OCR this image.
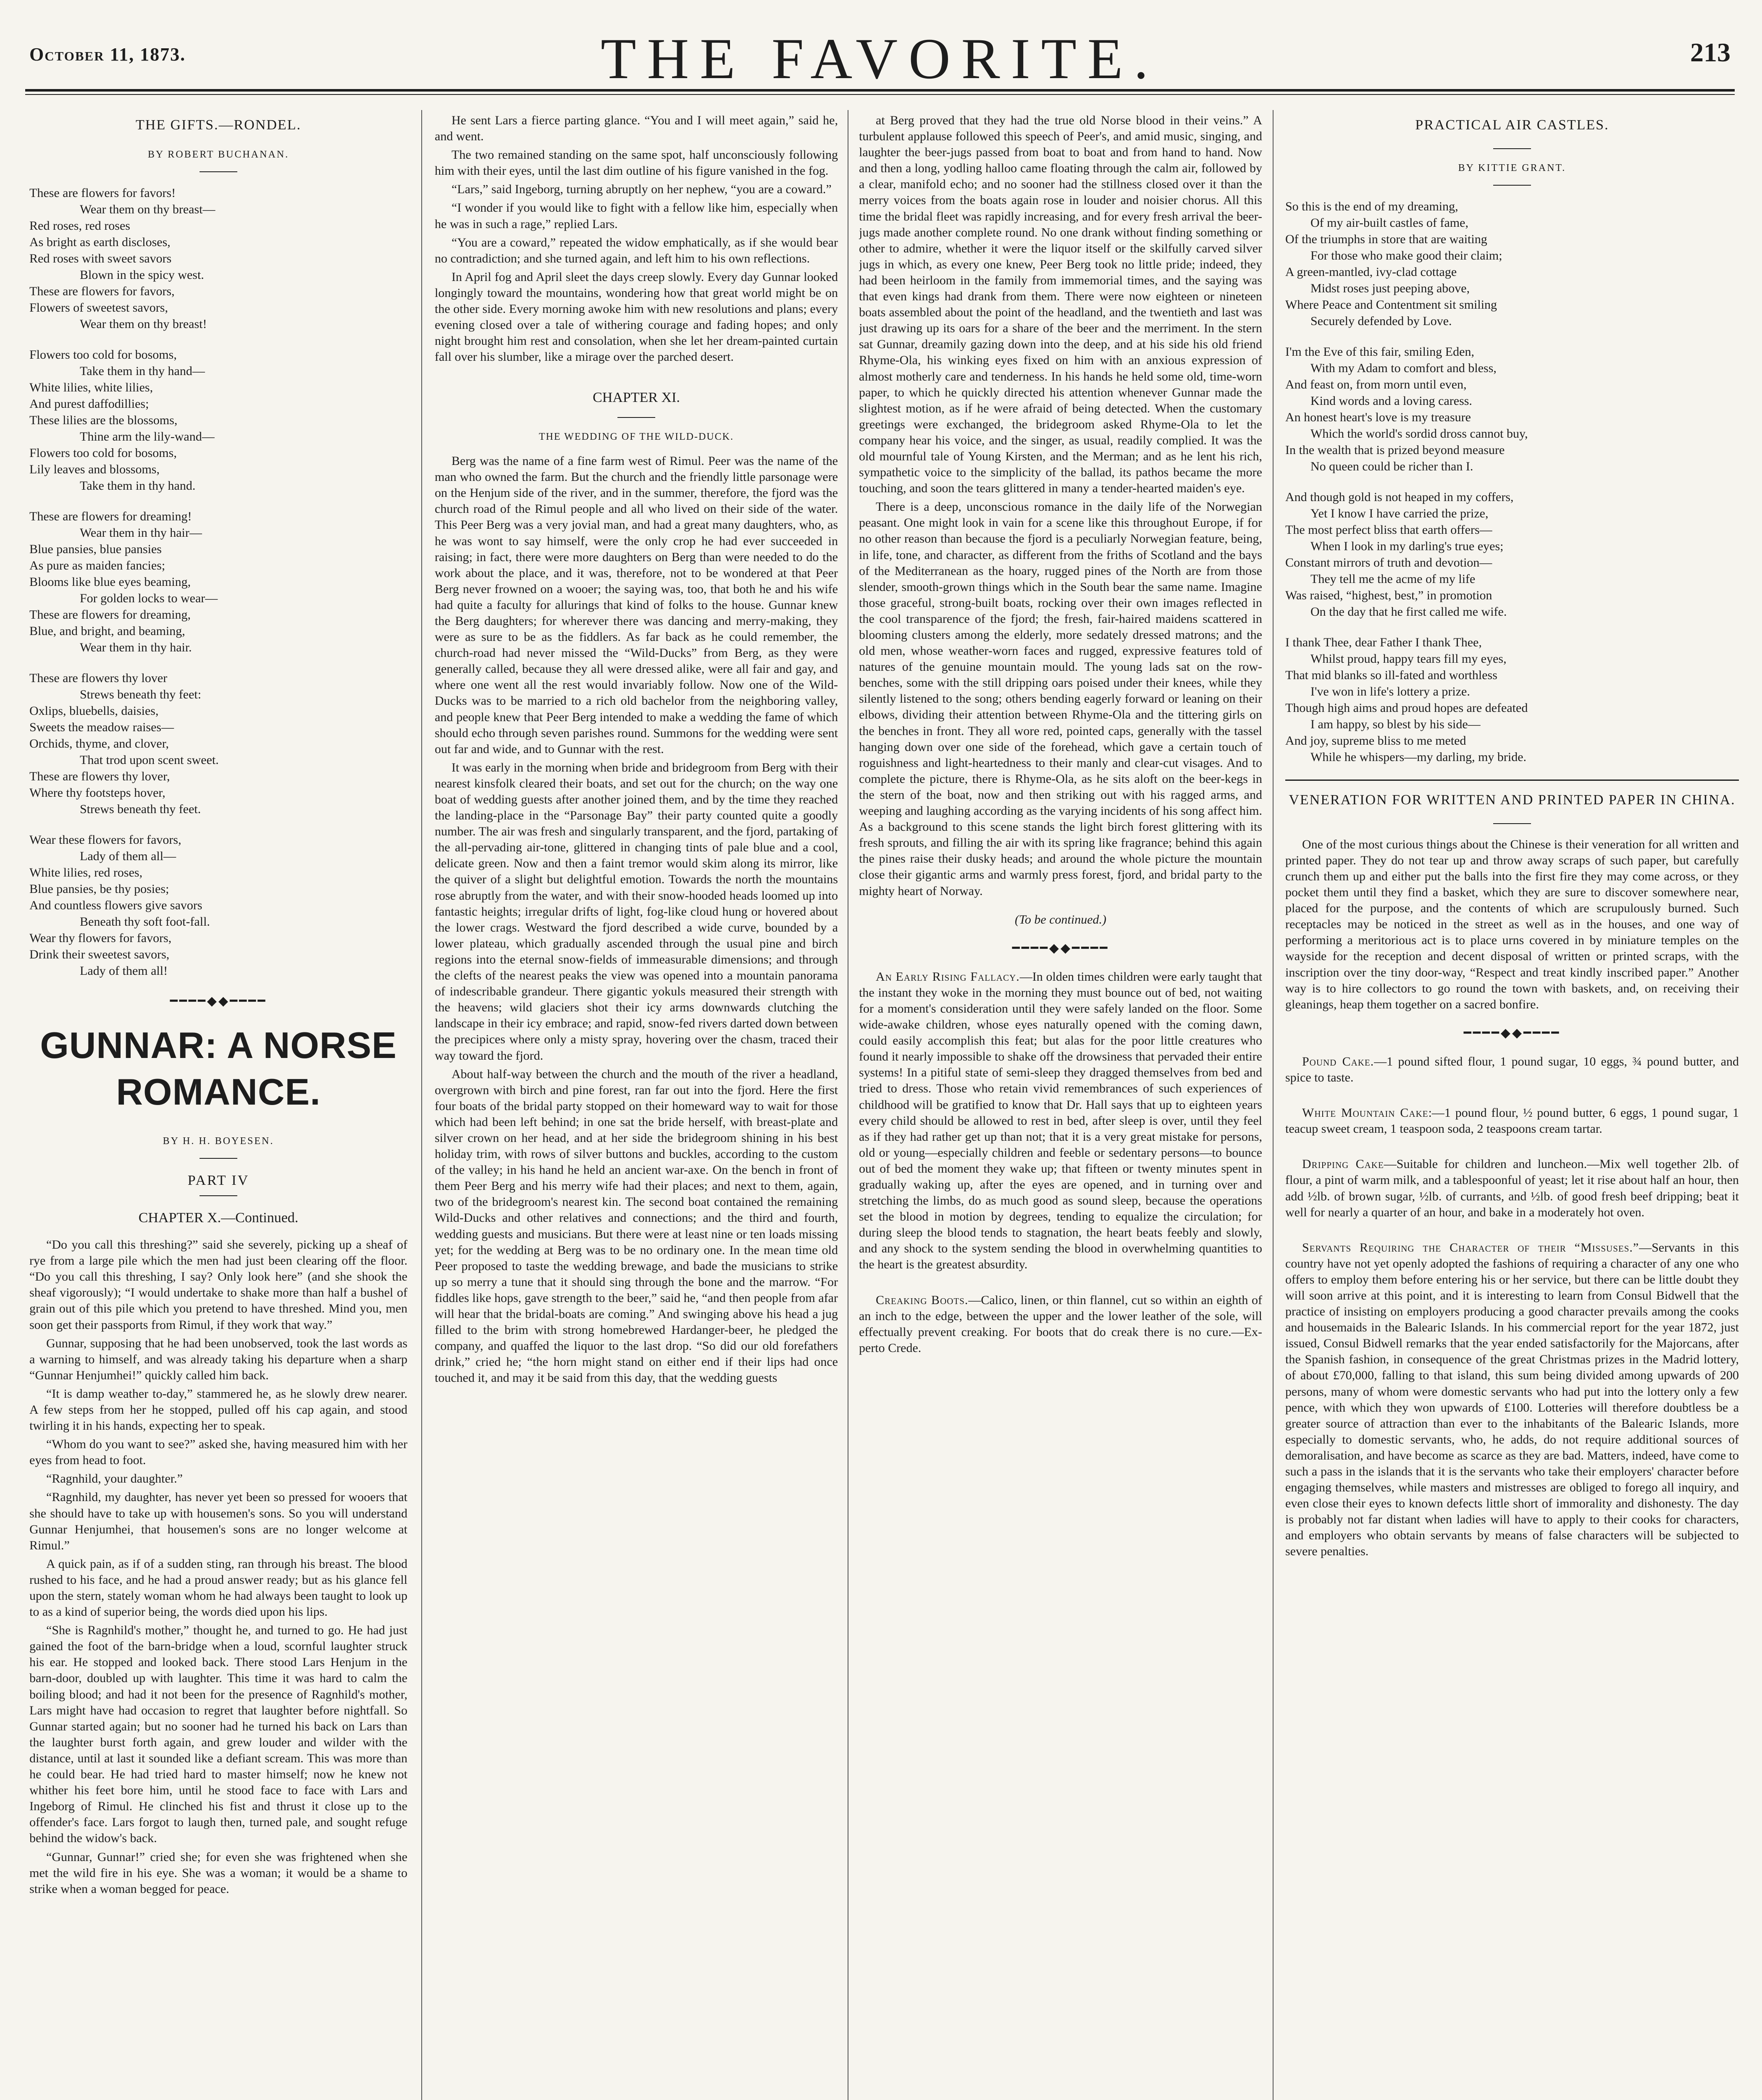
October 11, 1873.	THE FAVORITE.	213
THE GIFTS.—RONDEL.
BY ROBERT BUCHANAN.
These are flowers for favors!
Wear them on thy breast—
Red roses, red roses
As bright as earth discloses,
Red roses with sweet savors
Blown in the spicy west.
These are flowers for favors,
Flowers of sweetest savors,
Wear them on thy breast!
Flowers too cold for bosoms,
Take them in thy hand—
White lilies, white lilies,
And purest daffodillies;
These lilies are the blossoms,
Thine arm the lily-wand—
Flowers too cold for bosoms,
Lily leaves and blossoms,
Take them in thy hand.
These are flowers for dreaming!
Wear them in thy hair—
Blue pansies, blue pansies
As pure as maiden fancies;
Blooms like blue eyes beaming,
For golden locks to wear—
These are flowers for dreaming,
Blue, and bright, and beaming,
Wear them in thy hair.
These are flowers thy lover
Strews beneath thy feet:
Oxlips, bluebells, daisies,
Sweets the meadow raises—
Orchids, thyme, and clover,
That trod upon scent sweet.
These are flowers thy lover,
Where thy footsteps hover,
Strews beneath thy feet.
Wear these flowers for favors,
Lady of them all—
White lilies, red roses,
Blue pansies, be thy posies;
And countless flowers give savors
Beneath thy soft foot-fall.
Wear thy flowers for favors,
Drink their sweetest savors,
Lady of them all!
━━━━◆◆━━━━
GUNNAR: A NORSE ROMANCE.
BY H. H. BOYESEN.
PART IV
CHAPTER X.—Continued.

“Do you call this threshing?” said she severely, picking up a sheaf of rye from a large pile which the men had just been clearing off the floor. “Do you call this threshing, I say? Only look here” (and she shook the sheaf vigorously); “I would undertake to shake more than half a bushel of grain out of this pile which you pretend to have threshed. Mind you, men soon get their passports from Rimul, if they work that way.”

Gunnar, supposing that he had been unobserved, took the last words as a warning to himself, and was already taking his departure when a sharp “Gunnar Henjumhei!” quickly called him back.

“It is damp weather to-day,” stammered he, as he slowly drew nearer. A few steps from her he stopped, pulled off his cap again, and stood twirling it in his hands, expecting her to speak.

“Whom do you want to see?” asked she, having measured him with her eyes from head to foot.

“Ragnhild, your daughter.”

“Ragnhild, my daughter, has never yet been so pressed for wooers that she should have to take up with housemen's sons. So you will understand Gunnar Henjumhei, that housemen's sons are no longer welcome at Rimul.”

A quick pain, as if of a sudden sting, ran through his breast. The blood rushed to his face, and he had a proud answer ready; but as his glance fell upon the stern, stately woman whom he had always been taught to look up to as a kind of superior being, the words died upon his lips.

“She is Ragnhild's mother,” thought he, and turned to go. He had just gained the foot of the barn-bridge when a loud, scornful laughter struck his ear. He stopped and looked back. There stood Lars Henjum in the barn-door, doubled up with laughter. This time it was hard to calm the boiling blood; and had it not been for the presence of Ragnhild's mother, Lars might have had occasion to regret that laughter before nightfall. So Gunnar started again; but no sooner had he turned his back on Lars than the laughter burst forth again, and grew louder and wilder with the distance, until at last it sounded like a defiant scream. This was more than he could bear. He had tried hard to master himself; now he knew not whither his feet bore him, until he stood face to face with Lars and Ingeborg of Rimul. He clinched his fist and thrust it close up to the offender's face. Lars forgot to laugh then, turned pale, and sought refuge behind the widow's back.

“Gunnar, Gunnar!” cried she; for even she was frightened when she met the wild fire in his eye. She was a woman; it would be a shame to strike when a woman begged for peace.

He sent Lars a fierce parting glance. “You and I will meet again,” said he, and went.

The two remained standing on the same spot, half unconsciously following him with their eyes, until the last dim outline of his figure vanished in the fog.

“Lars,” said Ingeborg, turning abruptly on her nephew, “you are a coward.”

“I wonder if you would like to fight with a fellow like him, especially when he was in such a rage,” replied Lars.

“You are a coward,” repeated the widow emphatically, as if she would bear no contradiction; and she turned again, and left him to his own reflections.

In April fog and April sleet the days creep slowly. Every day Gunnar looked longingly toward the mountains, wondering how that great world might be on the other side. Every morning awoke him with new resolutions and plans; every evening closed over a tale of withering courage and fading hopes; and only night brought him rest and consolation, when she let her dream-painted curtain fall over his slumber, like a mirage over the parched desert.

CHAPTER XI.
THE WEDDING OF THE WILD-DUCK.

Berg was the name of a fine farm west of Rimul. Peer was the name of the man who owned the farm. But the church and the friendly little parsonage were on the Henjum side of the river, and in the summer, therefore, the fjord was the church road of the Rimul people and all who lived on their side of the water. This Peer Berg was a very jovial man, and had a great many daughters, who, as he was wont to say himself, were the only crop he had ever succeeded in raising; in fact, there were more daughters on Berg than were needed to do the work about the place, and it was, therefore, not to be wondered at that Peer Berg never frowned on a wooer; the saying was, too, that both he and his wife had quite a faculty for allurings that kind of folks to the house. Gunnar knew the Berg daughters; for wherever there was dancing and merry-making, they were as sure to be as the fiddlers. As far back as he could remember, the church-road had never missed the “Wild-Ducks” from Berg, as they were generally called, because they all were dressed alike, were all fair and gay, and where one went all the rest would invariably follow. Now one of the Wild-Ducks was to be married to a rich old bachelor from the neighboring valley, and people knew that Peer Berg intended to make a wedding the fame of which should echo through seven parishes round. Summons for the wedding were sent out far and wide, and to Gunnar with the rest.

It was early in the morning when bride and bridegroom from Berg with their nearest kinsfolk cleared their boats, and set out for the church; on the way one boat of wedding guests after another joined them, and by the time they reached the landing-place in the “Parsonage Bay” their party counted quite a goodly number. The air was fresh and singularly transparent, and the fjord, partaking of the all-pervading air-tone, glittered in changing tints of pale blue and a cool, delicate green. Now and then a faint tremor would skim along its mirror, like the quiver of a slight but delightful emotion. Towards the north the mountains rose abruptly from the water, and with their snow-hooded heads loomed up into fantastic heights; irregular drifts of light, fog-like cloud hung or hovered about the lower crags. Westward the fjord described a wide curve, bounded by a lower plateau, which gradually ascended through the usual pine and birch regions into the eternal snow-fields of immeasurable dimensions; and through the clefts of the nearest peaks the view was opened into a mountain panorama of indescribable grandeur. There gigantic yokuls measured their strength with the heavens; wild glaciers shot their icy arms downwards clutching the landscape in their icy embrace; and rapid, snow-fed rivers darted down between the precipices where only a misty spray, hovering over the chasm, traced their way toward the fjord.

About half-way between the church and the mouth of the river a headland, overgrown with birch and pine forest, ran far out into the fjord. Here the first four boats of the bridal party stopped on their homeward way to wait for those which had been left behind; in one sat the bride herself, with breast-plate and silver crown on her head, and at her side the bridegroom shining in his best holiday trim, with rows of silver buttons and buckles, according to the custom of the valley; in his hand he held an ancient war-axe. On the bench in front of them Peer Berg and his merry wife had their places; and next to them, again, two of the bridegroom's nearest kin. The second boat contained the remaining Wild-Ducks and other relatives and connections; and the third and fourth, wedding guests and musicians. But there were at least nine or ten loads missing yet; for the wedding at Berg was to be no ordinary one. In the mean time old Peer proposed to taste the wedding brewage, and bade the musicians to strike up so merry a tune that it should sing through the bone and the marrow. “For fiddles like hops, gave strength to the beer,” said he, “and then people from afar will hear that the bridal-boats are coming.” And swinging above his head a jug filled to the brim with strong homebrewed Hardanger-beer, he pledged the company, and quaffed the liquor to the last drop. “So did our old forefathers drink,” cried he; “the horn might stand on either end if their lips had once touched it, and may it be said from this day, that the wedding guests

at Berg proved that they had the true old Norse blood in their veins.” A turbulent applause followed this speech of Peer's, and amid music, singing, and laughter the beer-jugs passed from boat to boat and from hand to hand. Now and then a long, yodling halloo came floating through the calm air, followed by a clear, manifold echo; and no sooner had the stillness closed over it than the merry voices from the boats again rose in louder and noisier chorus. All this time the bridal fleet was rapidly increasing, and for every fresh arrival the beer-jugs made another complete round. No one drank without finding something or other to admire, whether it were the liquor itself or the skilfully carved silver jugs in which, as every one knew, Peer Berg took no little pride; indeed, they had been heirloom in the family from immemorial times, and the saying was that even kings had drank from them. There were now eighteen or nineteen boats assembled about the point of the headland, and the twentieth and last was just drawing up its oars for a share of the beer and the merriment. In the stern sat Gunnar, dreamily gazing down into the deep, and at his side his old friend Rhyme-Ola, his winking eyes fixed on him with an anxious expression of almost motherly care and tenderness. In his hands he held some old, time-worn paper, to which he quickly directed his attention whenever Gunnar made the slightest motion, as if he were afraid of being detected. When the customary greetings were exchanged, the bridegroom asked Rhyme-Ola to let the company hear his voice, and the singer, as usual, readily complied. It was the old mournful tale of Young Kirsten, and the Merman; and as he lent his rich, sympathetic voice to the simplicity of the ballad, its pathos became the more touching, and soon the tears glittered in many a tender-hearted maiden's eye.

There is a deep, unconscious romance in the daily life of the Norwegian peasant. One might look in vain for a scene like this throughout Europe, if for no other reason than because the fjord is a peculiarly Norwegian feature, being, in life, tone, and character, as different from the friths of Scotland and the bays of the Mediterranean as the hoary, rugged pines of the North are from those slender, smooth-grown things which in the South bear the same name. Imagine those graceful, strong-built boats, rocking over their own images reflected in the cool transparence of the fjord; the fresh, fair-haired maidens scattered in blooming clusters among the elderly, more sedately dressed matrons; and the old men, whose weather-worn faces and rugged, expressive features told of natures of the genuine mountain mould. The young lads sat on the row-benches, some with the still dripping oars poised under their knees, while they silently listened to the song; others bending eagerly forward or leaning on their elbows, dividing their attention between Rhyme-Ola and the tittering girls on the benches in front. They all wore red, pointed caps, generally with the tassel hanging down over one side of the forehead, which gave a certain touch of roguishness and light-heartedness to their manly and clear-cut visages. And to complete the picture, there is Rhyme-Ola, as he sits aloft on the beer-kegs in the stern of the boat, now and then striking out with his ragged arms, and weeping and laughing according as the varying incidents of his song affect him. As a background to this scene stands the light birch forest glittering with its fresh sprouts, and filling the air with its spring like fragrance; behind this again the pines raise their dusky heads; and around the whole picture the mountain close their gigantic arms and warmly press forest, fjord, and bridal party to the mighty heart of Norway.

(To be continued.)
━━━━◆◆━━━━

An Early Rising Fallacy.—In olden times children were early taught that the instant they woke in the morning they must bounce out of bed, not waiting for a moment's consideration until they were safely landed on the floor. Some wide-awake children, whose eyes naturally opened with the coming dawn, could easily accomplish this feat; but alas for the poor little creatures who found it nearly impossible to shake off the drowsiness that pervaded their entire systems! In a pitiful state of semi-sleep they dragged themselves from bed and tried to dress. Those who retain vivid remembrances of such experiences of childhood will be gratified to know that Dr. Hall says that up to eighteen years every child should be allowed to rest in bed, after sleep is over, until they feel as if they had rather get up than not; that it is a very great mistake for persons, old or young—especially children and feeble or sedentary persons—to bounce out of bed the moment they wake up; that fifteen or twenty minutes spent in gradually waking up, after the eyes are opened, and in turning over and stretching the limbs, do as much good as sound sleep, because the operations set the blood in motion by degrees, tending to equalize the circulation; for during sleep the blood tends to stagnation, the heart beats feebly and slowly, and any shock to the system sending the blood in overwhelming quantities to the heart is the greatest absurdity.

Creaking Boots.—Calico, linen, or thin flannel, cut so within an eighth of an inch to the edge, between the upper and the lower leather of the sole, will effectually prevent creaking. For boots that do creak there is no cure.—Ex-perto Crede.

PRACTICAL AIR CASTLES.
BY KITTIE GRANT.
So this is the end of my dreaming,
Of my air-built castles of fame,
Of the triumphs in store that are waiting
For those who make good their claim;
A green-mantled, ivy-clad cottage
Midst roses just peeping above,
Where Peace and Contentment sit smiling
Securely defended by Love.
I'm the Eve of this fair, smiling Eden,
With my Adam to comfort and bless,
And feast on, from morn until even,
Kind words and a loving caress.
An honest heart's love is my treasure
Which the world's sordid dross cannot buy,
In the wealth that is prized beyond measure
No queen could be richer than I.
And though gold is not heaped in my coffers,
Yet I know I have carried the prize,
The most perfect bliss that earth offers—
When I look in my darling's true eyes;
Constant mirrors of truth and devotion—
They tell me the acme of my life
Was raised, “highest, best,” in promotion
On the day that he first called me wife.
I thank Thee, dear Father I thank Thee,
Whilst proud, happy tears fill my eyes,
That mid blanks so ill-fated and worthless
I've won in life's lottery a prize.
Though high aims and proud hopes are defeated
I am happy, so blest by his side—
And joy, supreme bliss to me meted
While he whispers—my darling, my bride.
VENERATION FOR WRITTEN AND PRINTED PAPER IN CHINA.

One of the most curious things about the Chinese is their veneration for all written and printed paper. They do not tear up and throw away scraps of such paper, but carefully crunch them up and either put the balls into the first fire they may come across, or they pocket them until they find a basket, which they are sure to discover somewhere near, placed for the purpose, and the contents of which are scrupulously burned. Such receptacles may be noticed in the street as well as in the houses, and one way of performing a meritorious act is to place urns covered in by miniature temples on the wayside for the reception and decent disposal of written or printed scraps, with the inscription over the tiny door-way, “Respect and treat kindly inscribed paper.” Another way is to hire collectors to go round the town with baskets, and, on receiving their gleanings, heap them together on a sacred bonfire.

━━━━◆◆━━━━

Pound Cake.—1 pound sifted flour, 1 pound sugar, 10 eggs, ¾ pound butter, and spice to taste.

White Mountain Cake:—1 pound flour, ½ pound butter, 6 eggs, 1 pound sugar, 1 teacup sweet cream, 1 teaspoon soda, 2 teaspoons cream tartar.

Dripping Cake—Suitable for children and luncheon.—Mix well together 2lb. of flour, a pint of warm milk, and a tablespoonful of yeast; let it rise about half an hour, then add ½lb. of brown sugar, ½lb. of currants, and ½lb. of good fresh beef dripping; beat it well for nearly a quarter of an hour, and bake in a moderately hot oven.

Servants Requiring the Character of their “Missuses.”—Servants in this country have not yet openly adopted the fashions of requiring a character of any one who offers to employ them before entering his or her service, but there can be little doubt they will soon arrive at this point, and it is interesting to learn from Consul Bidwell that the practice of insisting on employers producing a good character prevails among the cooks and housemaids in the Balearic Islands. In his commercial report for the year 1872, just issued, Consul Bidwell remarks that the year ended satisfactorily for the Majorcans, after the Spanish fashion, in consequence of the great Christmas prizes in the Madrid lottery, of about £70,000, falling to that island, this sum being divided among upwards of 200 persons, many of whom were domestic servants who had put into the lottery only a few pence, with which they won upwards of £100. Lotteries will therefore doubtless be a greater source of attraction than ever to the inhabitants of the Balearic Islands, more especially to domestic servants, who, he adds, do not require additional sources of demoralisation, and have become as scarce as they are bad. Matters, indeed, have come to such a pass in the islands that it is the servants who take their employers' character before engaging themselves, while masters and mistresses are obliged to forego all inquiry, and even close their eyes to known defects little short of immorality and dishonesty. The day is probably not far distant when ladies will have to apply to their cooks for characters, and employers who obtain servants by means of false characters will be subjected to severe penalties.
